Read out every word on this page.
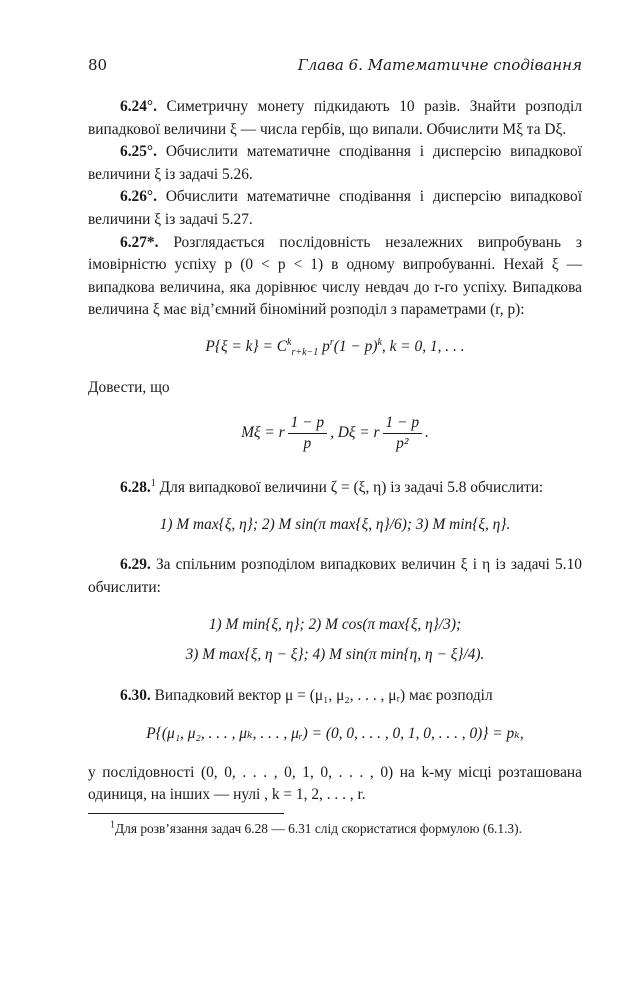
80	Глава 6. Математичне сподівання

6.24°. Симетричну монету підкидають 10 разів. Знайти розподіл випадкової величини ξ — числа гербів, що випали. Обчислити Mξ та Dξ.

6.25°. Обчислити математичне сподівання і дисперсію випадкової величини ξ із задачі 5.26.

6.26°. Обчислити математичне сподівання і дисперсію випадкової величини ξ із задачі 5.27.

6.27*. Розглядається послідовність незалежних випробувань з імовірністю успіху p (0 < p < 1) в одному випробуванні. Нехай ξ — випадкова величина, яка дорівнює числу невдач до r-го успіху. Випадкова величина ξ має від’ємний біноміний розподіл з параметрами (r, p):

$P\{\xi = k\} = C^k_{r+k-1}$ $p^r(1 - p)^k$, k = 0, 1, . . .

Довести, що

Mξ = r $\frac{1 - p}{p}$ , Dξ = r $\frac{1 - p}{\text{p²}}$ .

6.28.$^1$ Для випадкової величини ζ = (ξ, η) із задачі 5.8 обчислити:

1) M max{ξ, η}; 2) M sin(π max{ξ, η}/6); 3) M min{ξ, η}.

6.29. За спільним розподілом випадкових величин ξ і η із задачі 5.10 обчислити:

1) M min{ξ, η}; 2) M cos(π max{ξ, η}/3);
3) M max{ξ, η − ξ}; 4) M sin(π min{η, η − ξ}/4).

6.30. Випадковий вектор μ = (μ₁, μ₂, . . . , μᵣ) має розподіл

P{(μ₁, μ₂, . . . , μₖ, . . . , μᵣ) = (0, 0, . . . , 0, 1, 0, . . . , 0)} = pₖ,

у послідовності (0, 0, . . . , 0, 1, 0, . . . , 0) на k-му місці розташована одиниця, на інших — нулі , k = 1, 2, . . . , r.

$^1$Для розв’язання задач 6.28 — 6.31 слід скористатися формулою (6.1.3).
